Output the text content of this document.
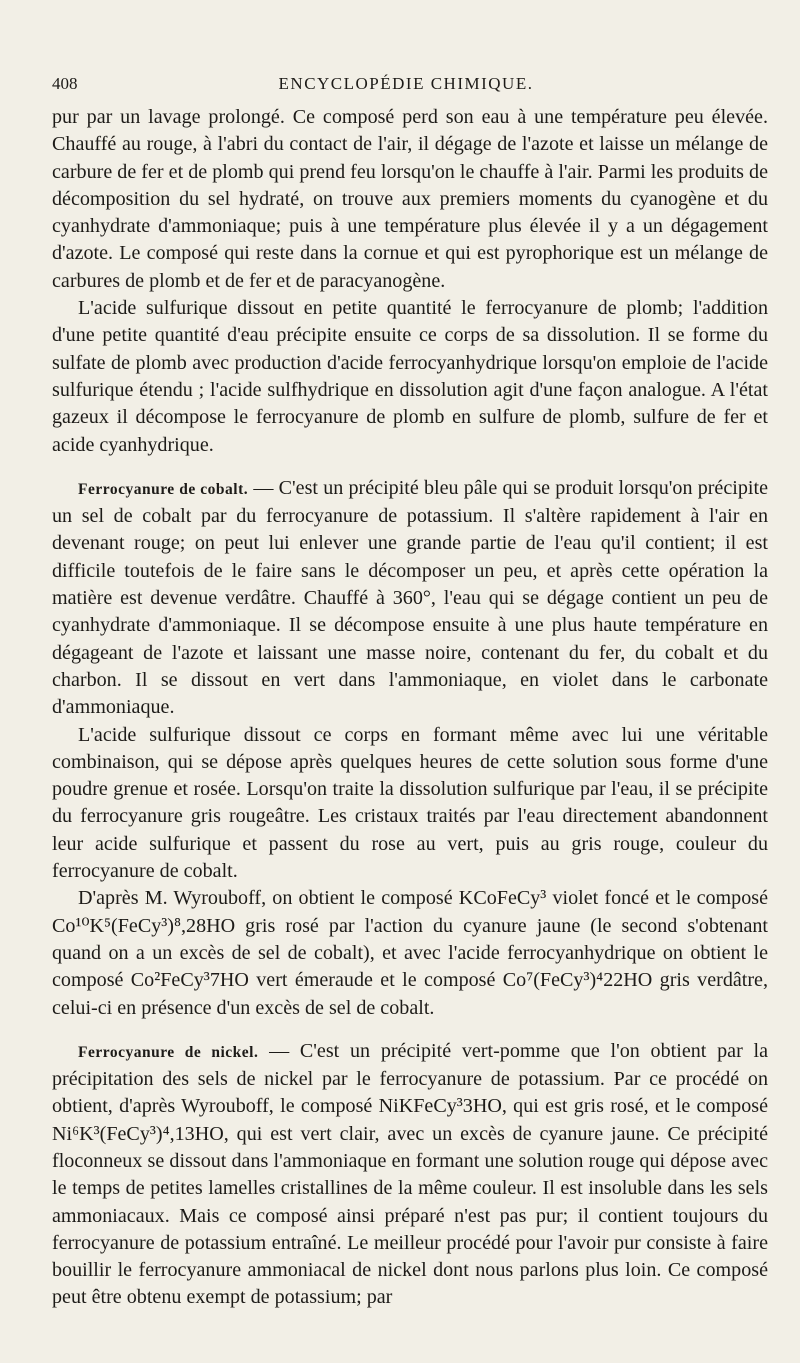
408	ENCYCLOPÉDIE CHIMIQUE.

pur par un lavage prolongé. Ce composé perd son eau à une température peu élevée. Chauffé au rouge, à l'abri du contact de l'air, il dégage de l'azote et laisse un mélange de carbure de fer et de plomb qui prend feu lorsqu'on le chauffe à l'air. Parmi les produits de décomposition du sel hydraté, on trouve aux premiers moments du cyanogène et du cyanhydrate d'ammoniaque; puis à une température plus élevée il y a un dégagement d'azote. Le composé qui reste dans la cornue et qui est pyrophorique est un mélange de carbures de plomb et de fer et de paracyanogène.

L'acide sulfurique dissout en petite quantité le ferrocyanure de plomb; l'addition d'une petite quantité d'eau précipite ensuite ce corps de sa dissolution. Il se forme du sulfate de plomb avec production d'acide ferrocyanhydrique lorsqu'on emploie de l'acide sulfurique étendu ; l'acide sulfhydrique en dissolution agit d'une façon analogue. A l'état gazeux il décompose le ferrocyanure de plomb en sulfure de plomb, sulfure de fer et acide cyanhydrique.

Ferrocyanure de cobalt. — C'est un précipité bleu pâle qui se produit lorsqu'on précipite un sel de cobalt par du ferrocyanure de potassium. Il s'altère rapidement à l'air en devenant rouge; on peut lui enlever une grande partie de l'eau qu'il contient; il est difficile toutefois de le faire sans le décomposer un peu, et après cette opération la matière est devenue verdâtre. Chauffé à 360°, l'eau qui se dégage contient un peu de cyanhydrate d'ammoniaque. Il se décompose ensuite à une plus haute température en dégageant de l'azote et laissant une masse noire, contenant du fer, du cobalt et du charbon. Il se dissout en vert dans l'ammoniaque, en violet dans le carbonate d'ammoniaque.

L'acide sulfurique dissout ce corps en formant même avec lui une véritable combinaison, qui se dépose après quelques heures de cette solution sous forme d'une poudre grenue et rosée. Lorsqu'on traite la dissolution sulfurique par l'eau, il se précipite du ferrocyanure gris rougeâtre. Les cristaux traités par l'eau directement abandonnent leur acide sulfurique et passent du rose au vert, puis au gris rouge, couleur du ferrocyanure de cobalt.

D'après M. Wyrouboff, on obtient le composé KCoFeCy³ violet foncé et le composé Co¹⁰K⁵(FeCy³)⁸,28HO gris rosé par l'action du cyanure jaune (le second s'obtenant quand on a un excès de sel de cobalt), et avec l'acide ferrocyanhydrique on obtient le composé Co²FeCy³7HO vert émeraude et le composé Co⁷(FeCy³)⁴22HO gris verdâtre, celui-ci en présence d'un excès de sel de cobalt.

Ferrocyanure de nickel. — C'est un précipité vert-pomme que l'on obtient par la précipitation des sels de nickel par le ferrocyanure de potassium. Par ce procédé on obtient, d'après Wyrouboff, le composé NiKFeCy³3HO, qui est gris rosé, et le composé Ni⁶K³(FeCy³)⁴,13HO, qui est vert clair, avec un excès de cyanure jaune. Ce précipité floconneux se dissout dans l'ammoniaque en formant une solution rouge qui dépose avec le temps de petites lamelles cristallines de la même couleur. Il est insoluble dans les sels ammoniacaux. Mais ce composé ainsi préparé n'est pas pur; il contient toujours du ferrocyanure de potassium entraîné. Le meilleur procédé pour l'avoir pur consiste à faire bouillir le ferrocyanure ammoniacal de nickel dont nous parlons plus loin. Ce composé peut être obtenu exempt de potassium; par
